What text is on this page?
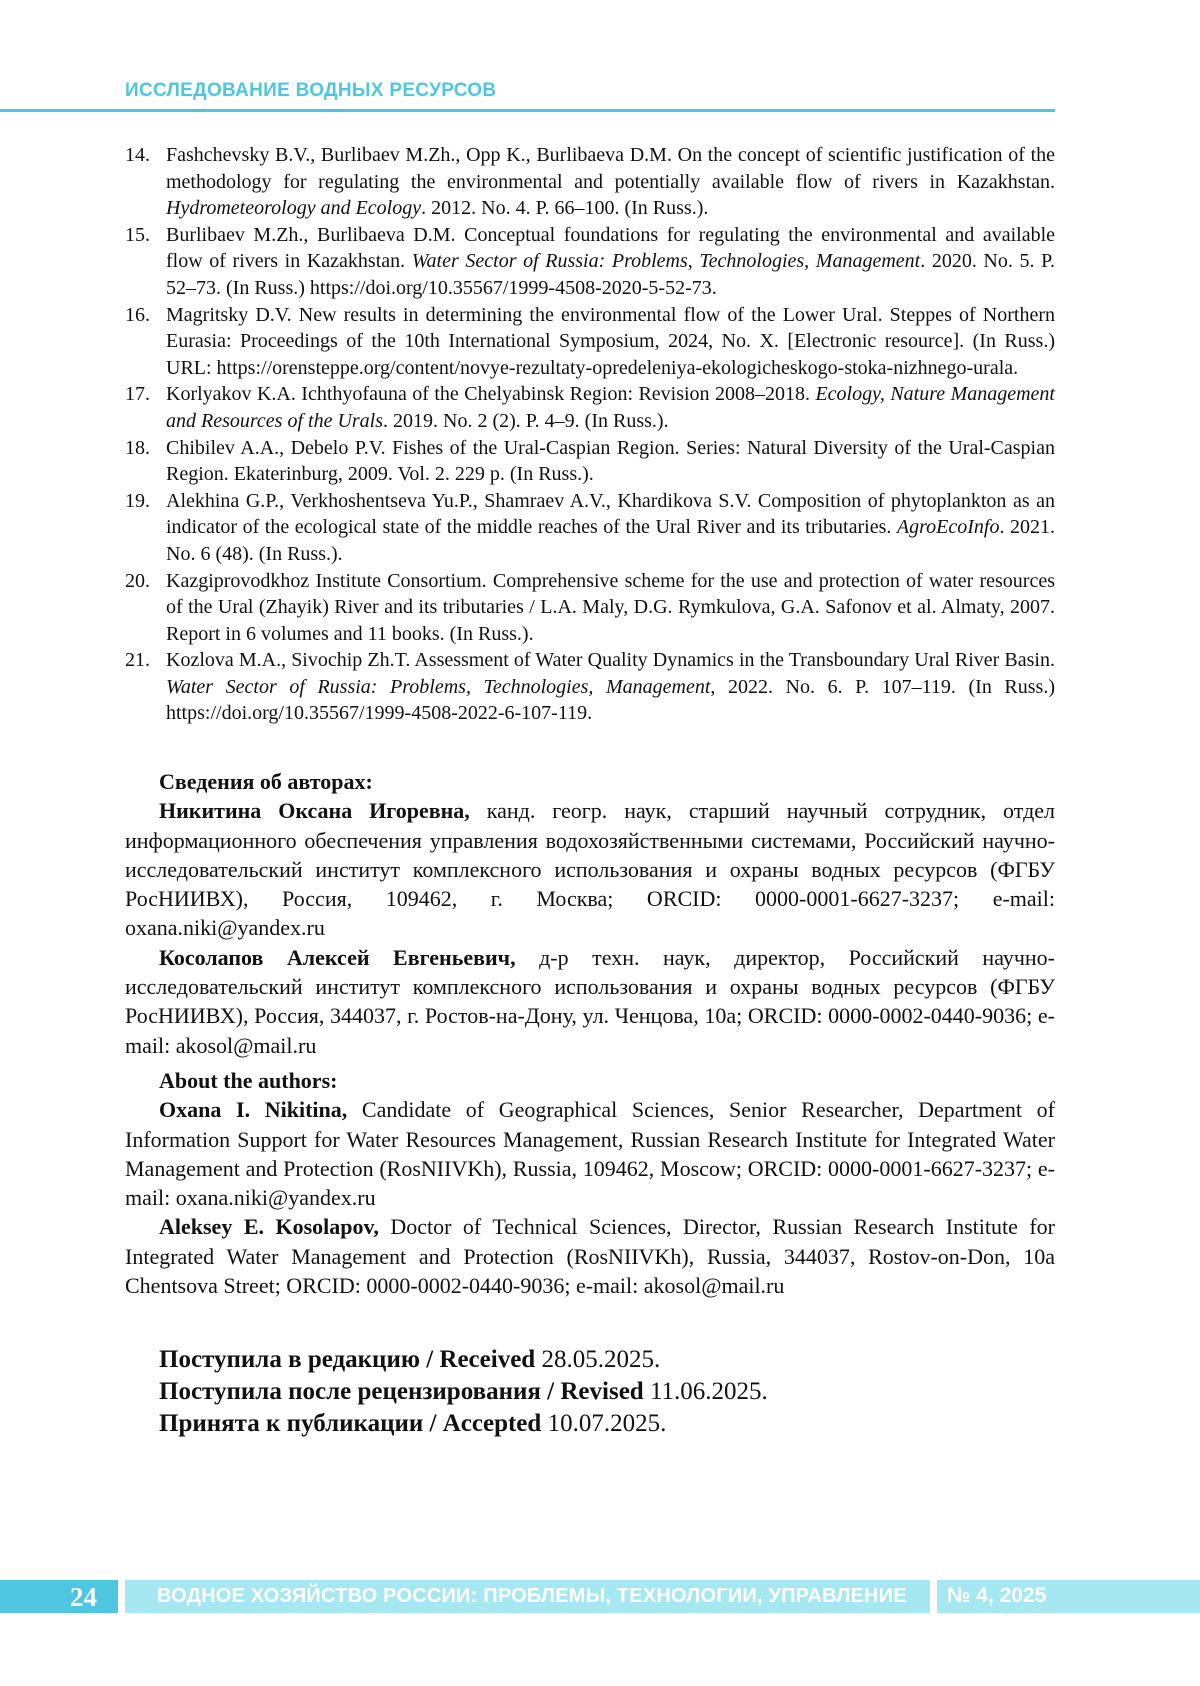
ИССЛЕДОВАНИЕ ВОДНЫХ РЕСУРСОВ
14. Fashchevsky B.V., Burlibaev M.Zh., Opp K., Burlibaeva D.M. On the concept of scientific justification of the methodology for regulating the environmental and potentially available flow of rivers in Kazakhstan. Hydrometeorology and Ecology. 2012. No. 4. P. 66–100. (In Russ.).
15. Burlibaev M.Zh., Burlibaeva D.M. Conceptual foundations for regulating the environmental and available flow of rivers in Kazakhstan. Water Sector of Russia: Problems, Technologies, Management. 2020. No. 5. P. 52–73. (In Russ.) https://doi.org/10.35567/1999-4508-2020-5-52-73.
16. Magritsky D.V. New results in determining the environmental flow of the Lower Ural. Steppes of Northern Eurasia: Proceedings of the 10th International Symposium, 2024, No. X. [Electronic resource]. (In Russ.) URL: https://orensteppe.org/content/novye-rezultaty-opredeleniya-ekologicheskogo-stoka-nizhnego-urala.
17. Korlyakov K.A. Ichthyofauna of the Chelyabinsk Region: Revision 2008–2018. Ecology, Nature Management and Resources of the Urals. 2019. No. 2 (2). P. 4–9. (In Russ.).
18. Chibilev A.A., Debelo P.V. Fishes of the Ural-Caspian Region. Series: Natural Diversity of the Ural-Caspian Region. Ekaterinburg, 2009. Vol. 2. 229 p. (In Russ.).
19. Alekhina G.P., Verkhoshentseva Yu.P., Shamraev A.V., Khardikova S.V. Composition of phytoplankton as an indicator of the ecological state of the middle reaches of the Ural River and its tributaries. AgroEcoInfo. 2021. No. 6 (48). (In Russ.).
20. Kazgiprovodkhoz Institute Consortium. Comprehensive scheme for the use and protection of water resources of the Ural (Zhayik) River and its tributaries / L.A. Maly, D.G. Rymkulova, G.A. Safonov et al. Almaty, 2007. Report in 6 volumes and 11 books. (In Russ.).
21. Kozlova M.A., Sivochip Zh.T. Assessment of Water Quality Dynamics in the Transboundary Ural River Basin. Water Sector of Russia: Problems, Technologies, Management, 2022. No. 6. P. 107–119. (In Russ.) https://doi.org/10.35567/1999-4508-2022-6-107-119.

Сведения об авторах:

Никитина Оксана Игоревна, канд. геогр. наук, старший научный сотрудник, отдел информационного обеспечения управления водохозяйственными системами, Российский научно-исследовательский институт комплексного использования и охраны водных ресурсов (ФГБУ РосНИИВХ), Россия, 109462, г. Москва; ORCID: 0000-0001-6627-3237; e-mail: oxana.niki@yandex.ru

Косолапов Алексей Евгеньевич, д-р техн. наук, директор, Российский научно-исследовательский институт комплексного использования и охраны водных ресурсов (ФГБУ РосНИИВХ), Россия, 344037, г. Ростов-на-Дону, ул. Ченцова, 10а; ORCID: 0000-0002-0440-9036; e-mail: akosol@mail.ru

About the authors:

Oxana I. Nikitina, Candidate of Geographical Sciences, Senior Researcher, Department of Information Support for Water Resources Management, Russian Research Institute for Integrated Water Management and Protection (RosNIIVKh), Russia, 109462, Moscow; ORCID: 0000-0001-6627-3237; e-mail: oxana.niki@yandex.ru

Aleksey E. Kosolapov, Doctor of Technical Sciences, Director, Russian Research Institute for Integrated Water Management and Protection (RosNIIVKh), Russia, 344037, Rostov-on-Don, 10a Chentsova Street; ORCID: 0000-0002-0440-9036; e-mail: akosol@mail.ru

Поступила в редакцию / Received 28.05.2025.
Поступила после рецензирования / Revised 11.06.2025.
Принята к публикации / Accepted 10.07.2025.
24	ВОДНОЕ ХОЗЯЙСТВО РОССИИ: ПРОБЛЕМЫ, ТЕХНОЛОГИИ, УПРАВЛЕНИЕ № 4, 2025
